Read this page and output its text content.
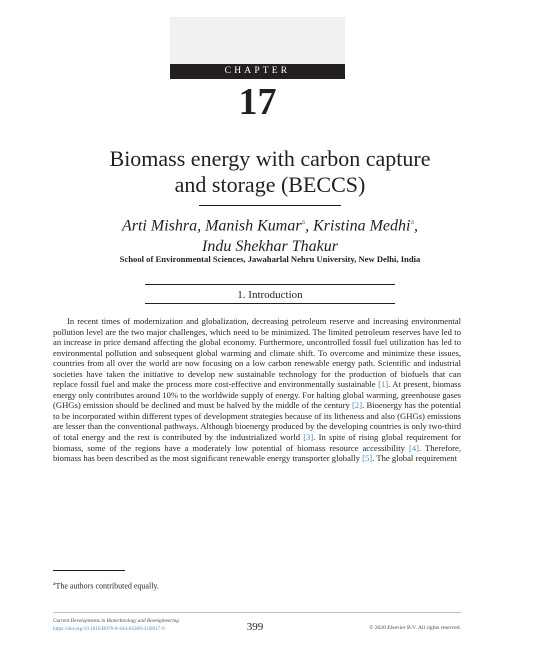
CHAPTER
17
Biomass energy with carbon capture
and storage (BECCS)
Arti Mishra, Manish Kumar$^a$, Kristina Medhi$^a$,
Indu Shekhar Thakur
School of Environmental Sciences, Jawaharlal Nehru University, New Delhi, India
1. Introduction

In recent times of modernization and globalization, decreasing petroleum reserve and increasing environmental pollution level are the two major challenges, which need to be minimized. The limited petroleum reserves have led to an increase in price demand affecting the global economy. Furthermore, uncontrolled fossil fuel utilization has led to environmental pollution and subsequent global warming and climate shift. To overcome and minimize these issues, countries from all over the world are now focusing on a low carbon renewable energy path. Scientific and industrial societies have taken the initiative to develop new sustainable technology for the production of biofuels that can replace fossil fuel and make the process more cost-effective and environmentally sustainable [1]. At present, biomass energy only contributes around 10% to the worldwide supply of energy. For halting global warming, greenhouse gases (GHGs) emission should be declined and must be halved by the middle of the century [2]. Bioenergy has the potential to be incorporated within different types of development strategies because of its litheness and also (GHGs) emissions are lesser than the conventional pathways. Although bioenergy produced by the developing countries is only two-third of total energy and the rest is contributed by the industrialized world [3]. In spite of rising global requirement for biomass, some of the regions have a moderately low potential of biomass resource accessibility [4]. Therefore, biomass has been described as the most significant renewable energy transporter globally [5]. The global requirement

$^a$The authors contributed equally.
Current Developments in Biotechnology and Bioengineering
https://doi.org/10.1016/B978-0-444-64309-4.00017-9	399	© 2020 Elsevier B.V. All rights reserved.
